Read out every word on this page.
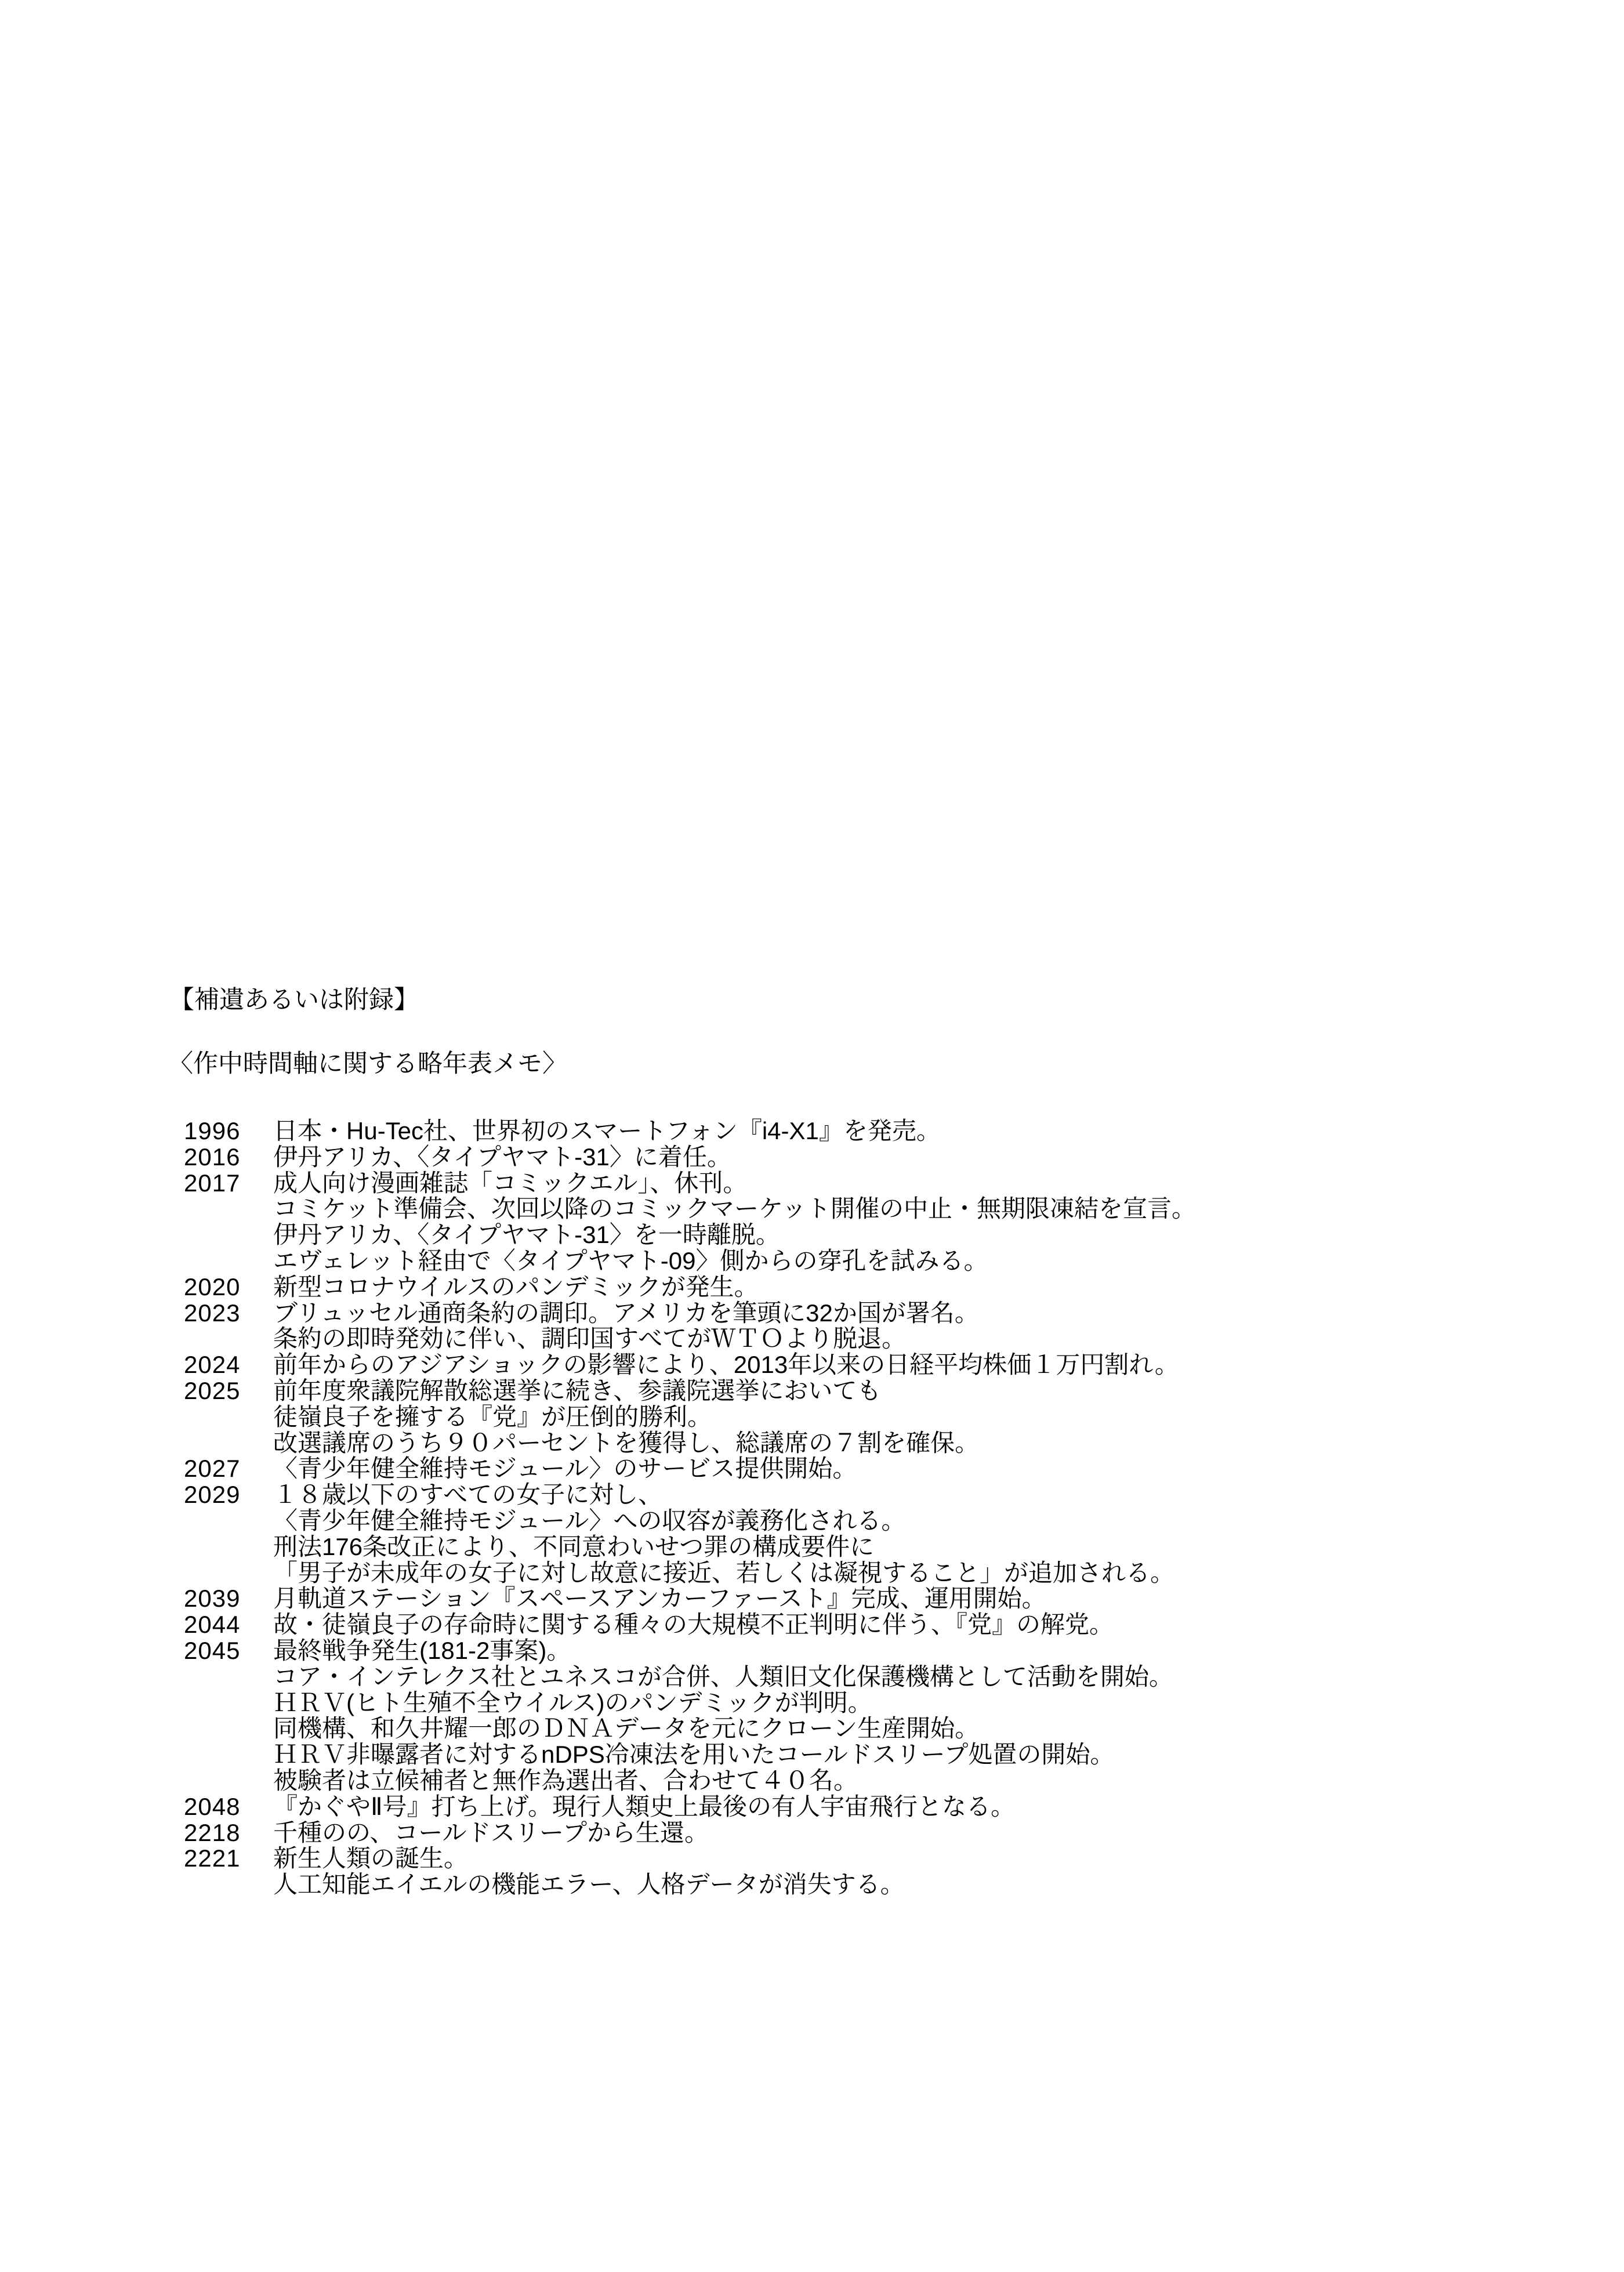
【補遺あるいは附録】
〈作中時間軸に関する略年表メモ〉
1996	日本・Hu-Tec社、世界初のスマートフォン『i4-X1』を発売。
2016	伊丹アリカ、〈タイプヤマト-31〉に着任。
2017	成人向け漫画雑誌「コミックエル」、休刊。
コミケット準備会、次回以降のコミックマーケット開催の中止・無期限凍結を宣言。
伊丹アリカ、〈タイプヤマト-31〉を一時離脱。
エヴェレット経由で〈タイプヤマト-09〉側からの穿孔を試みる。
2020	新型コロナウイルスのパンデミックが発生。
2023	ブリュッセル通商条約の調印。アメリカを筆頭に32か国が署名。
条約の即時発効に伴い、調印国すべてがＷＴＯより脱退。
2024	前年からのアジアショックの影響により、2013年以来の日経平均株価１万円割れ。
2025	前年度衆議院解散総選挙に続き、参議院選挙においても
徒嶺良子を擁する『党』が圧倒的勝利。
改選議席のうち９０パーセントを獲得し、総議席の７割を確保。
2027	〈青少年健全維持モジュール〉のサービス提供開始。
2029	１８歳以下のすべての女子に対し、
〈青少年健全維持モジュール〉への収容が義務化される。
刑法176条改正により、不同意わいせつ罪の構成要件に
「男子が未成年の女子に対し故意に接近、若しくは凝視すること」が追加される。
2039	月軌道ステーション『スペースアンカーファースト』完成、運用開始。
2044	故・徒嶺良子の存命時に関する種々の大規模不正判明に伴う、『党』の解党。
2045	最終戦争発生(181-2事案)。
コア・インテレクス社とユネスコが合併、人類旧文化保護機構として活動を開始。
ＨＲＶ(ヒト生殖不全ウイルス)のパンデミックが判明。
同機構、和久井耀一郎のＤＮＡデータを元にクローン生産開始。
ＨＲＶ非曝露者に対するnDPS冷凍法を用いたコールドスリープ処置の開始。
被験者は立候補者と無作為選出者、合わせて４０名。
2048	『かぐやⅡ号』打ち上げ。現行人類史上最後の有人宇宙飛行となる。
2218	千種のの、コールドスリープから生還。
2221	新生人類の誕生。
人工知能エイエルの機能エラー、人格データが消失する。
